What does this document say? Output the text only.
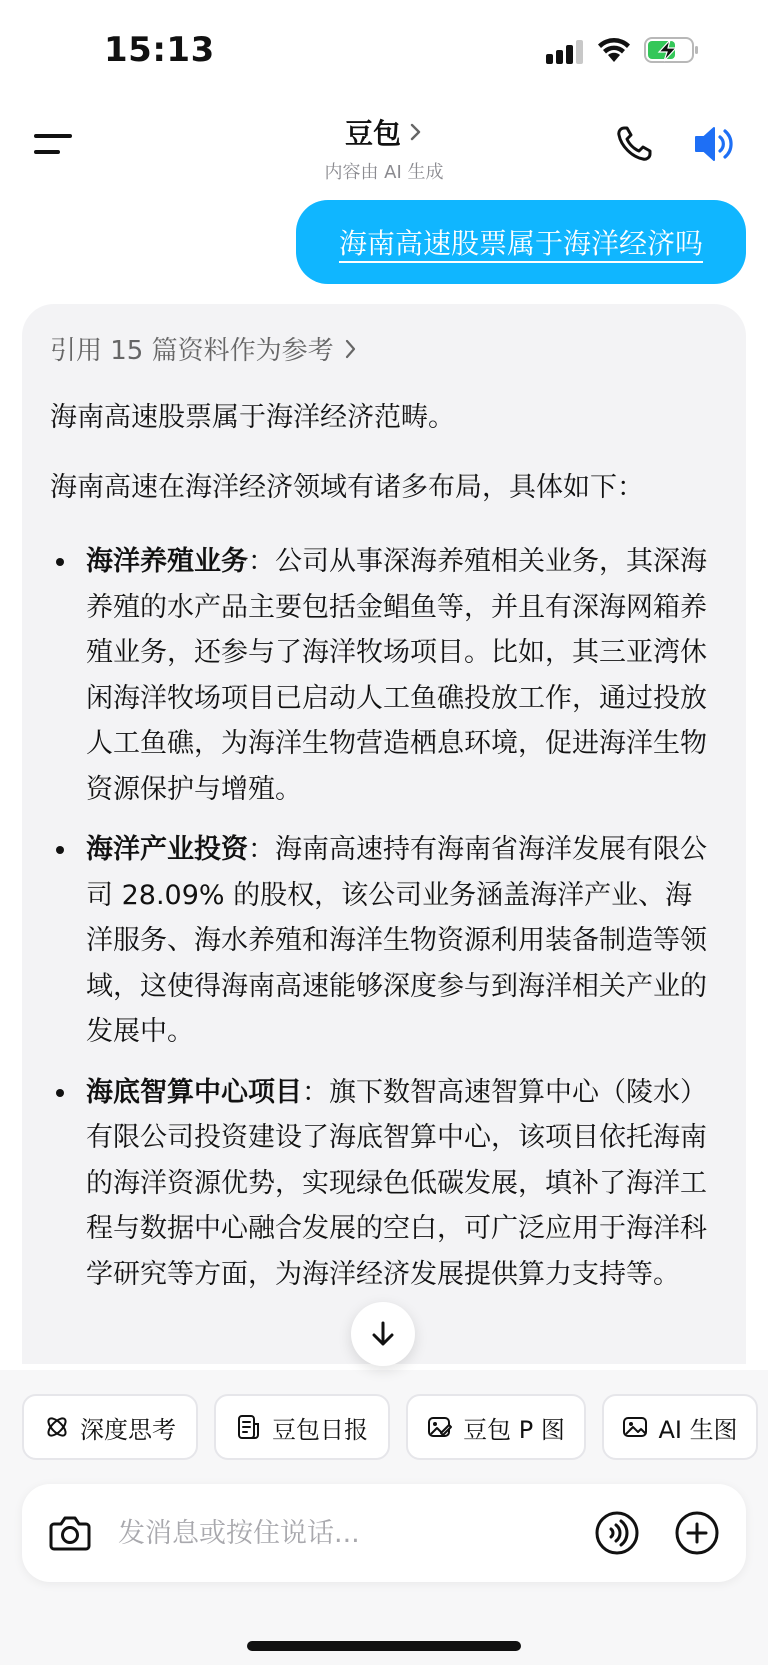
15:13
豆包
内容由 AI 生成
海南高速股票属于海洋经济吗
引用 15 篇资料作为参考
海南高速股票属于海洋经济范畴。
海南高速在海洋经济领域有诸多布局，具体如下：
海洋养殖业务：公司从事深海养殖相关业务，其深海养殖的水产品主要包括金鲳鱼等，并且有深海网箱养殖业务，还参与了海洋牧场项目。比如，其三亚湾休闲海洋牧场项目已启动人工鱼礁投放工作，通过投放人工鱼礁，为海洋生物营造栖息环境，促进海洋生物资源保护与增殖。
海洋产业投资：海南高速持有海南省海洋发展有限公司 28.09% 的股权，该公司业务涵盖海洋产业、海洋服务、海水养殖和海洋生物资源利用装备制造等领域，这使得海南高速能够深度参与到海洋相关产业的发展中。
海底智算中心项目：旗下数智高速智算中心（陵水）有限公司投资建设了海底智算中心，该项目依托海南的海洋资源优势，实现绿色低碳发展，填补了海洋工程与数据中心融合发展的空白，可广泛应用于海洋科学研究等方面，为海洋经济发展提供算力支持等。
深度思考	豆包日报	豆包 P 图	AI 生图
发消息或按住说话...
